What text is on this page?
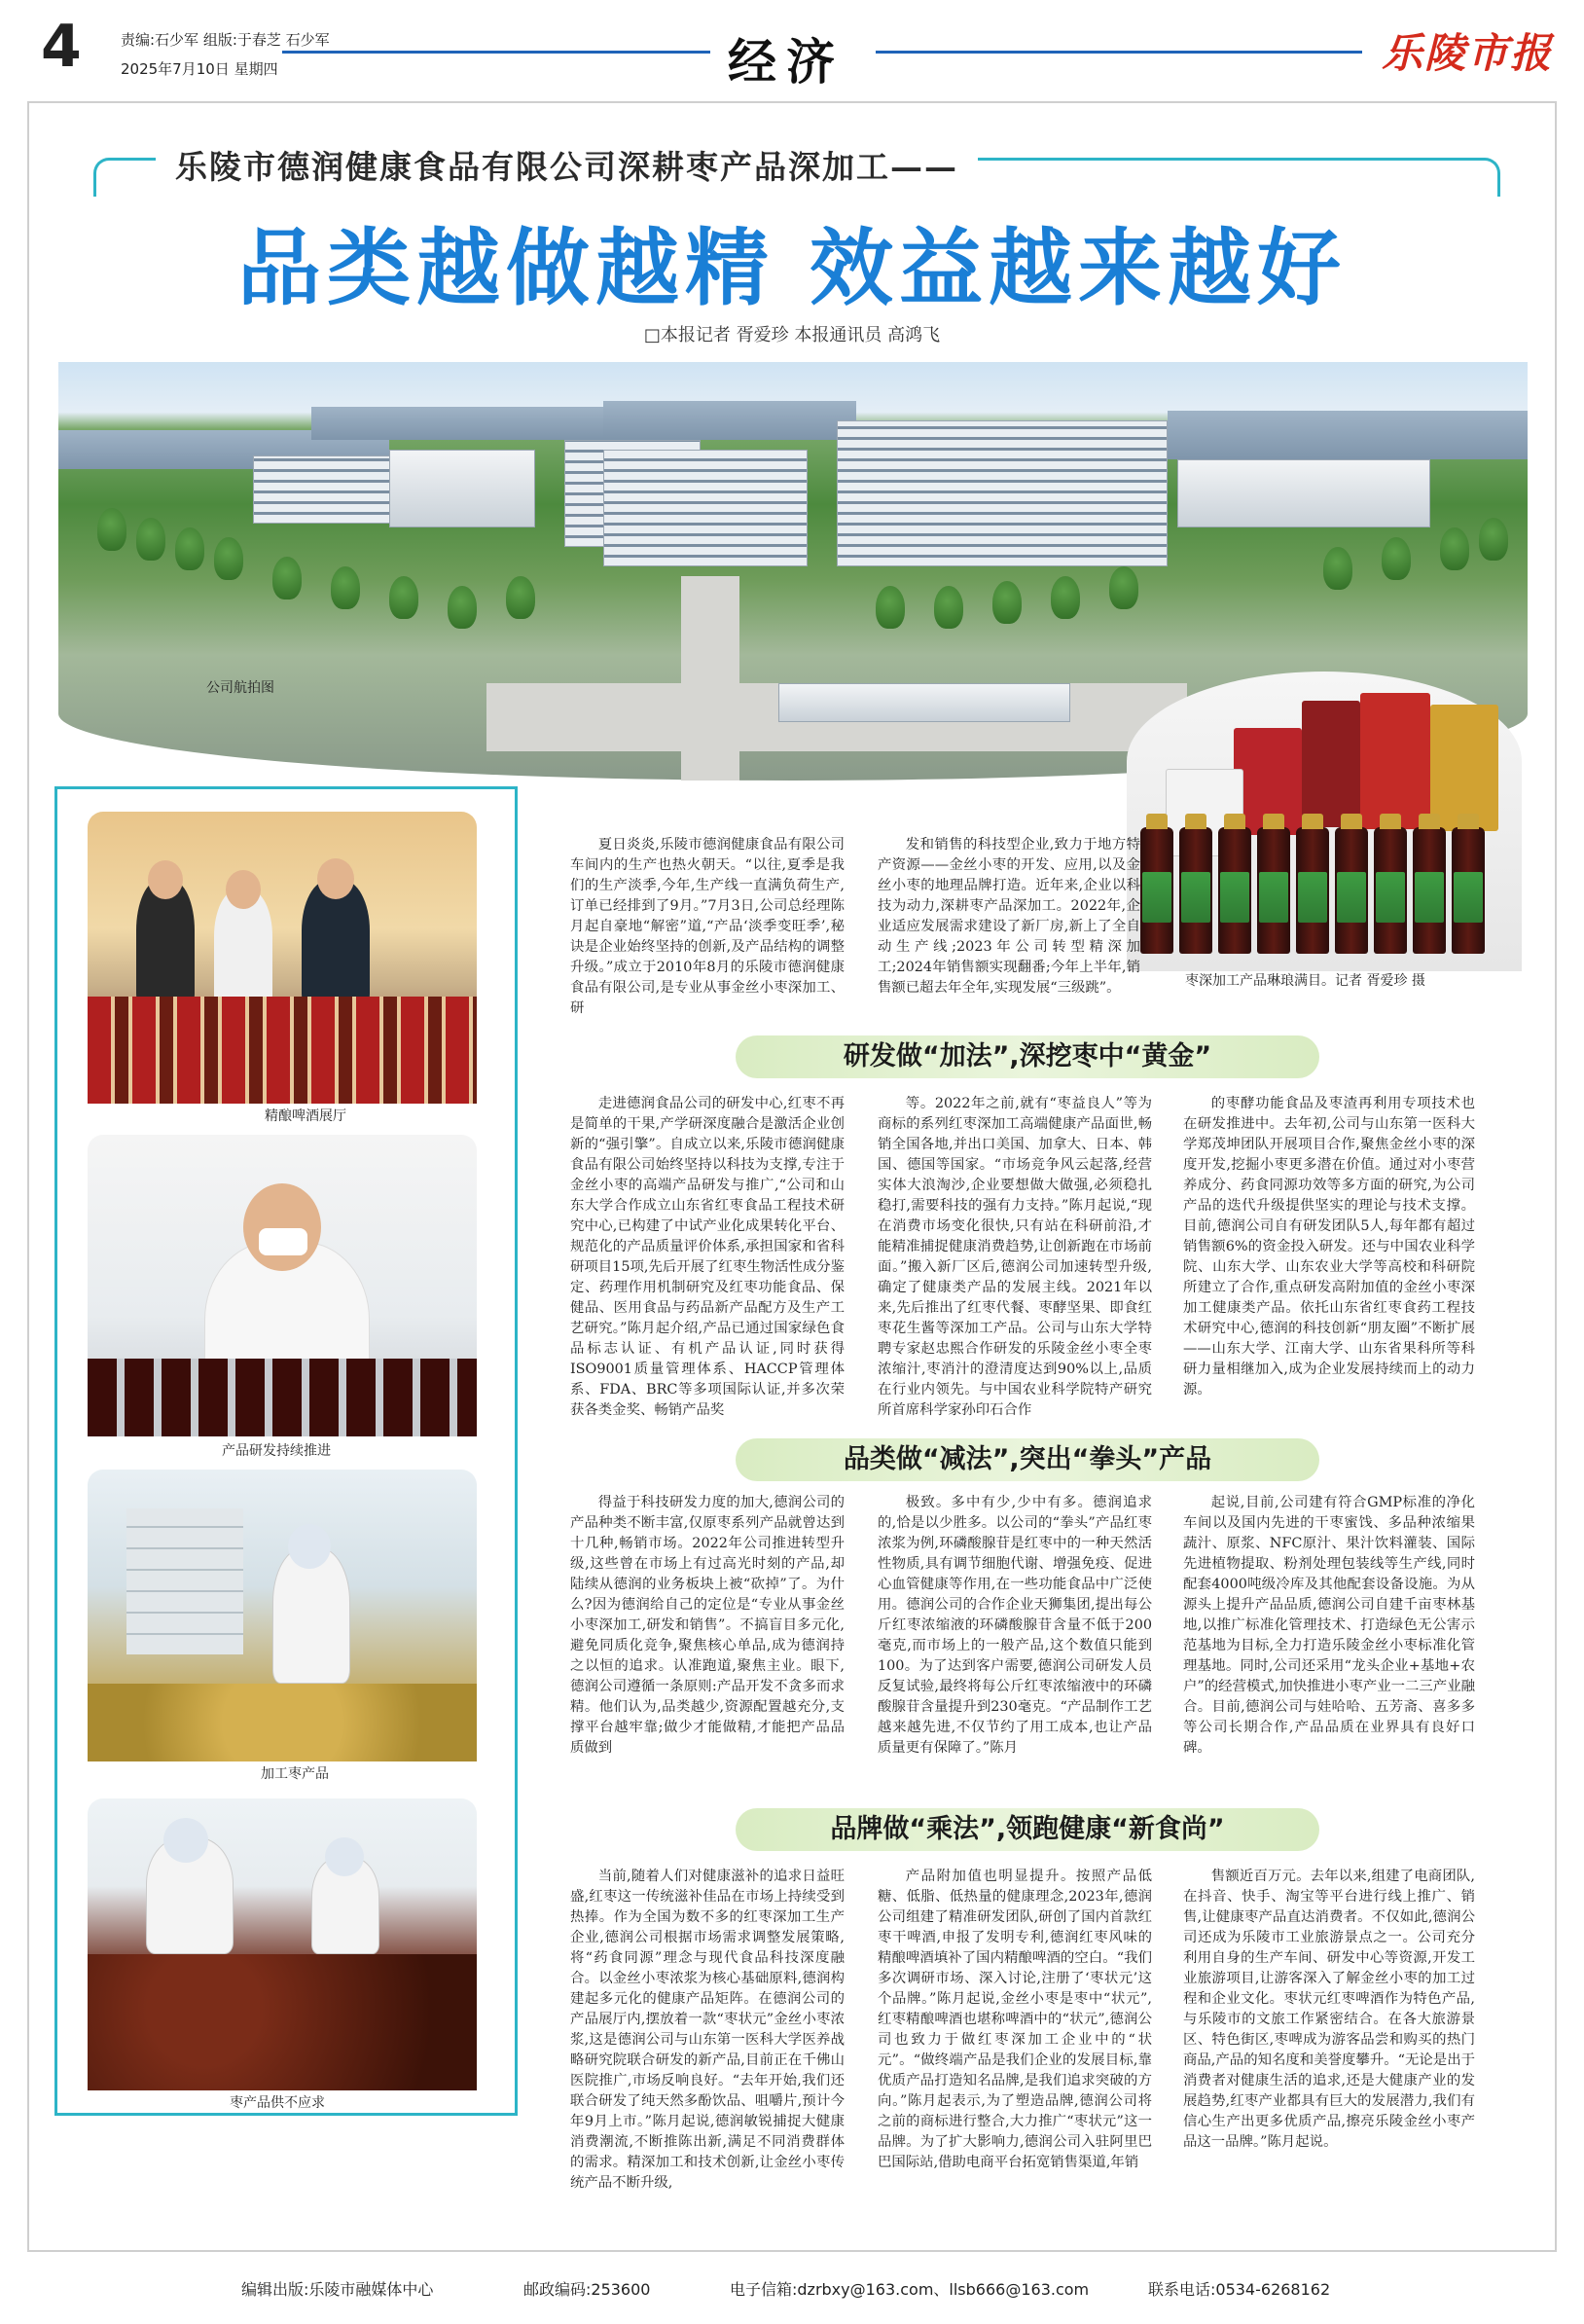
4	责编:石少军 组版:于春芝 石少军
2025年7月10日 星期四	经济	乐陵市报
乐陵市德润健康食品有限公司深耕枣产品深加工——
品类越做越精 效益越来越好
□本报记者 胥爱珍 本报通讯员 高鸿飞
公司航拍图
枣深加工产品琳琅满目。记者 胥爱珍 摄
精酿啤酒展厅
产品研发持续推进
加工枣产品
枣产品供不应求

夏日炎炎,乐陵市德润健康食品有限公司车间内的生产也热火朝天。“以往,夏季是我们的生产淡季,今年,生产线一直满负荷生产,订单已经排到了9月。”7月3日,公司总经理陈月起自豪地“解密”道,“产品‘淡季变旺季’,秘诀是企业始终坚持的创新,及产品结构的调整升级。”成立于2010年8月的乐陵市德润健康食品有限公司,是专业从事金丝小枣深加工、研

发和销售的科技型企业,致力于地方特产资源——金丝小枣的开发、应用,以及金丝小枣的地理品牌打造。近年来,企业以科技为动力,深耕枣产品深加工。2022年,企业适应发展需求建设了新厂房,新上了全自动生产线;2023年公司转型精深加工;2024年销售额实现翻番;今年上半年,销售额已超去年全年,实现发展“三级跳”。

研发做“加法”,深挖枣中“黄金”

走进德润食品公司的研发中心,红枣不再是简单的干果,产学研深度融合是激活企业创新的“强引擎”。自成立以来,乐陵市德润健康食品有限公司始终坚持以科技为支撑,专注于金丝小枣的高端产品研发与推广,“公司和山东大学合作成立山东省红枣食品工程技术研究中心,已构建了中试产业化成果转化平台、规范化的产品质量评价体系,承担国家和省科研项目15项,先后开展了红枣生物活性成分鉴定、药理作用机制研究及红枣功能食品、保健品、医用食品与药品新产品配方及生产工艺研究。”陈月起介绍,产品已通过国家绿色食品标志认证、有机产品认证,同时获得ISO9001质量管理体系、HACCP管理体系、FDA、BRC等多项国际认证,并多次荣获各类金奖、畅销产品奖

等。2022年之前,就有“枣益良人”等为商标的系列红枣深加工高端健康产品面世,畅销全国各地,并出口美国、加拿大、日本、韩国、德国等国家。“市场竞争风云起落,经营实体大浪淘沙,企业要想做大做强,必须稳扎稳打,需要科技的强有力支持。”陈月起说,“现在消费市场变化很快,只有站在科研前沿,才能精准捕捉健康消费趋势,让创新跑在市场前面。”搬入新厂区后,德润公司加速转型升级,确定了健康类产品的发展主线。2021年以来,先后推出了红枣代餐、枣酵坚果、即食红枣花生酱等深加工产品。公司与山东大学特聘专家赵忠熙合作研发的乐陵金丝小枣全枣浓缩汁,枣消汁的澄清度达到90%以上,品质在行业内领先。与中国农业科学院特产研究所首席科学家孙印石合作

的枣酵功能食品及枣渣再利用专项技术也在研发推进中。去年初,公司与山东第一医科大学郑茂坤团队开展项目合作,聚焦金丝小枣的深度开发,挖掘小枣更多潜在价值。通过对小枣营养成分、药食同源功效等多方面的研究,为公司产品的迭代升级提供坚实的理论与技术支撑。目前,德润公司自有研发团队5人,每年都有超过销售额6%的资金投入研发。还与中国农业科学院、山东大学、山东农业大学等高校和科研院所建立了合作,重点研发高附加值的金丝小枣深加工健康类产品。依托山东省红枣食药工程技术研究中心,德润的科技创新“朋友圈”不断扩展——山东大学、江南大学、山东省果科所等科研力量相继加入,成为企业发展持续而上的动力源。

品类做“减法”,突出“拳头”产品

得益于科技研发力度的加大,德润公司的产品种类不断丰富,仅原枣系列产品就曾达到十几种,畅销市场。2022年公司推进转型升级,这些曾在市场上有过高光时刻的产品,却陆续从德润的业务板块上被“砍掉”了。为什么?因为德润给自己的定位是“专业从事金丝小枣深加工,研发和销售”。不搞盲目多元化,避免同质化竞争,聚焦核心单品,成为德润持之以恒的追求。认准跑道,聚焦主业。眼下,德润公司遵循一条原则:产品开发不贪多而求精。他们认为,品类越少,资源配置越充分,支撑平台越牢靠;做少才能做精,才能把产品品质做到

极致。多中有少,少中有多。德润追求的,恰是以少胜多。以公司的“拳头”产品红枣浓浆为例,环磷酸腺苷是红枣中的一种天然活性物质,具有调节细胞代谢、增强免疫、促进心血管健康等作用,在一些功能食品中广泛使用。德润公司的合作企业天狮集团,提出每公斤红枣浓缩液的环磷酸腺苷含量不低于200毫克,而市场上的一般产品,这个数值只能到100。为了达到客户需要,德润公司研发人员反复试验,最终将每公斤红枣浓缩液中的环磷酸腺苷含量提升到230毫克。“产品制作工艺越来越先进,不仅节约了用工成本,也让产品质量更有保障了。”陈月

起说,目前,公司建有符合GMP标准的净化车间以及国内先进的干枣蜜饯、多品种浓缩果蔬汁、原浆、NFC原汁、果汁饮料灌装、国际先进植物提取、粉剂处理包装线等生产线,同时配套4000吨级冷库及其他配套设备设施。为从源头上提升产品品质,德润公司自建千亩枣林基地,以推广标准化管理技术、打造绿色无公害示范基地为目标,全力打造乐陵金丝小枣标准化管理基地。同时,公司还采用“龙头企业+基地+农户”的经营模式,加快推进小枣产业一二三产业融合。目前,德润公司与娃哈哈、五芳斋、喜多多等公司长期合作,产品品质在业界具有良好口碑。

品牌做“乘法”,领跑健康“新食尚”

当前,随着人们对健康滋补的追求日益旺盛,红枣这一传统滋补佳品在市场上持续受到热捧。作为全国为数不多的红枣深加工生产企业,德润公司根据市场需求调整发展策略,将“药食同源”理念与现代食品科技深度融合。以金丝小枣浓浆为核心基础原料,德润构建起多元化的健康产品矩阵。在德润公司的产品展厅内,摆放着一款“枣状元”金丝小枣浓浆,这是德润公司与山东第一医科大学医养战略研究院联合研发的新产品,目前正在千佛山医院推广,市场反响良好。“去年开始,我们还联合研发了纯天然多酚饮品、咀嚼片,预计今年9月上市。”陈月起说,德润敏锐捕捉大健康消费潮流,不断推陈出新,满足不同消费群体的需求。精深加工和技术创新,让金丝小枣传统产品不断升级,

产品附加值也明显提升。按照产品低糖、低脂、低热量的健康理念,2023年,德润公司组建了精准研发团队,研创了国内首款红枣干啤酒,申报了发明专利,德润红枣风味的精酿啤酒填补了国内精酿啤酒的空白。“我们多次调研市场、深入讨论,注册了‘枣状元’这个品牌。”陈月起说,金丝小枣是枣中“状元”,红枣精酿啤酒也堪称啤酒中的“状元”,德润公司也致力于做红枣深加工企业中的“状元”。“做终端产品是我们企业的发展目标,靠优质产品打造知名品牌,是我们追求突破的方向。”陈月起表示,为了塑造品牌,德润公司将之前的商标进行整合,大力推广“枣状元”这一品牌。为了扩大影响力,德润公司入驻阿里巴巴国际站,借助电商平台拓宽销售渠道,年销

售额近百万元。去年以来,组建了电商团队,在抖音、快手、淘宝等平台进行线上推广、销售,让健康枣产品直达消费者。不仅如此,德润公司还成为乐陵市工业旅游景点之一。公司充分利用自身的生产车间、研发中心等资源,开发工业旅游项目,让游客深入了解金丝小枣的加工过程和企业文化。枣状元红枣啤酒作为特色产品,与乐陵市的文旅工作紧密结合。在各大旅游景区、特色街区,枣啤成为游客品尝和购买的热门商品,产品的知名度和美誉度攀升。“无论是出于消费者对健康生活的追求,还是大健康产业的发展趋势,红枣产业都具有巨大的发展潜力,我们有信心生产出更多优质产品,擦亮乐陵金丝小枣产品这一品牌。”陈月起说。

编辑出版:乐陵市融媒体中心	邮政编码:253600	电子信箱:dzrbxy@163.com、llsb666@163.com	联系电话:0534-6268162
